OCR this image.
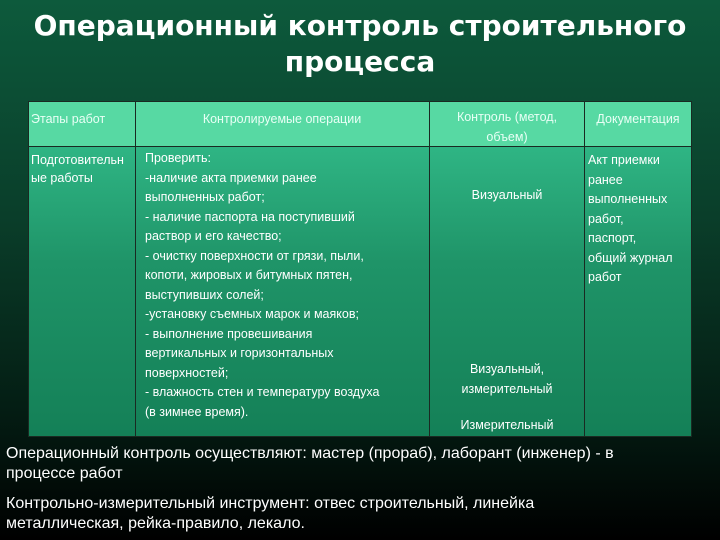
Операционный контроль строительного
процесса
Этапы работ	Контролируемые операции	Контроль (метод,
объем)
Документация
Подготовительн
ые работы
Проверить:
-наличие акта приемки ранее
выполненных работ;
- наличие паспорта на поступивший
раствор и его качество;
- очистку поверхности от грязи, пыли,
копоти, жировых и битумных пятен,
выступивших солей;
-установку съемных марок и маяков;
- выполнение провешивания
вертикальных и горизонтальных
поверхностей;
- влажность стен и температуру воздуха
(в зимнее время).
Визуальный
Визуальный,
измерительный
Измерительный
Акт приемки
ранее
выполненных
работ,
паспорт,
общий журнал
работ
Операционный контроль осуществляют: мастер (прораб), лаборант (инженер) - в
процессе работ
Контрольно-измерительный инструмент: отвес строительный, линейка
металлическая, рейка-правило, лекало.
